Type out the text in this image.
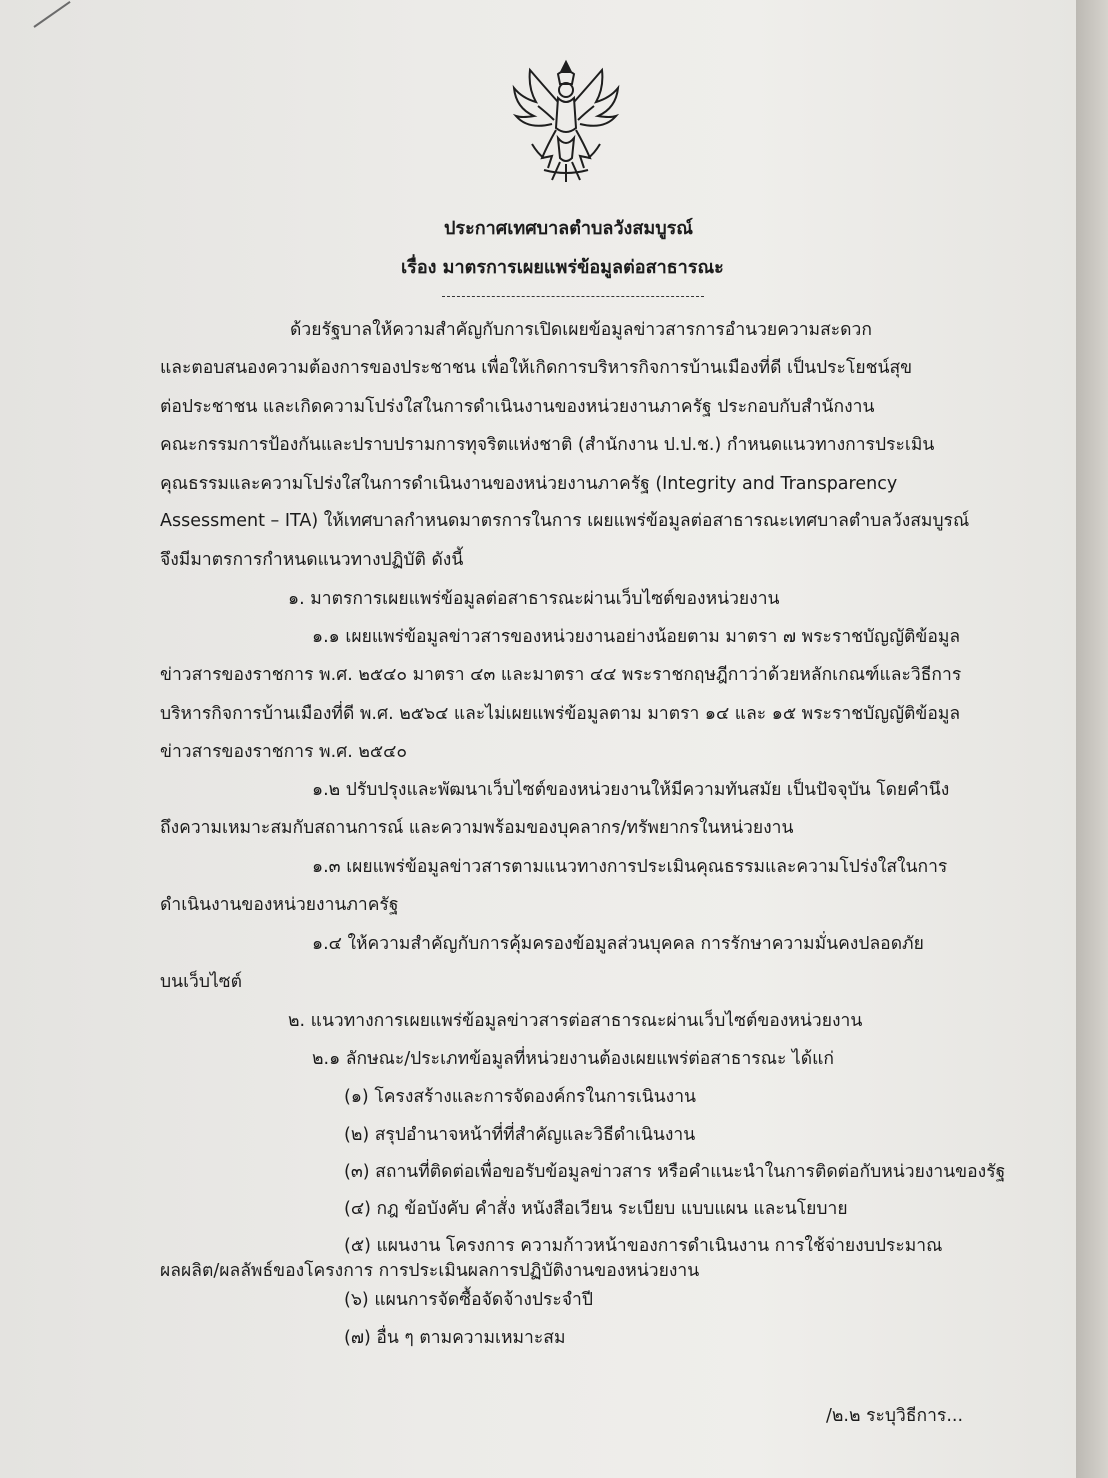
ประกาศเทศบาลตำบลวังสมบูรณ์
เรื่อง มาตรการเผยแพร่ข้อมูลต่อสาธารณะ
ด้วยรัฐบาลให้ความสำคัญกับการเปิดเผยข้อมูลข่าวสารการอำนวยความสะดวก
และตอบสนองความต้องการของประชาชน เพื่อให้เกิดการบริหารกิจการบ้านเมืองที่ดี เป็นประโยชน์สุข
ต่อประชาชน และเกิดความโปร่งใสในการดำเนินงานของหน่วยงานภาครัฐ ประกอบกับสำนักงาน
คณะกรรมการป้องกันและปราบปรามการทุจริตแห่งชาติ (สำนักงาน ป.ป.ช.) กำหนดแนวทางการประเมิน
คุณธรรมและความโปร่งใสในการดำเนินงานของหน่วยงานภาครัฐ (Integrity and Transparency
Assessment – ITA) ให้เทศบาลกำหนดมาตรการในการ เผยแพร่ข้อมูลต่อสาธารณะเทศบาลตำบลวังสมบูรณ์
จึงมีมาตรการกำหนดแนวทางปฏิบัติ ดังนี้
๑. มาตรการเผยแพร่ข้อมูลต่อสาธารณะผ่านเว็บไซต์ของหน่วยงาน
๑.๑ เผยแพร่ข้อมูลข่าวสารของหน่วยงานอย่างน้อยตาม มาตรา ๗ พระราชบัญญัติข้อมูล
ข่าวสารของราชการ พ.ศ. ๒๕๔๐ มาตรา ๔๓ และมาตรา ๔๔ พระราชกฤษฎีกาว่าด้วยหลักเกณฑ์และวิธีการ
บริหารกิจการบ้านเมืองที่ดี พ.ศ. ๒๕๖๔ และไม่เผยแพร่ข้อมูลตาม มาตรา ๑๔ และ ๑๕ พระราชบัญญัติข้อมูล
ข่าวสารของราชการ พ.ศ. ๒๕๔๐
๑.๒ ปรับปรุงและพัฒนาเว็บไซต์ของหน่วยงานให้มีความทันสมัย เป็นปัจจุบัน โดยคำนึง
ถึงความเหมาะสมกับสถานการณ์ และความพร้อมของบุคลากร/ทรัพยากรในหน่วยงาน
๑.๓ เผยแพร่ข้อมูลข่าวสารตามแนวทางการประเมินคุณธรรมและความโปร่งใสในการ
ดำเนินงานของหน่วยงานภาครัฐ
๑.๔ ให้ความสำคัญกับการคุ้มครองข้อมูลส่วนบุคคล การรักษาความมั่นคงปลอดภัย
บนเว็บไซต์
๒. แนวทางการเผยแพร่ข้อมูลข่าวสารต่อสาธารณะผ่านเว็บไซต์ของหน่วยงาน
๒.๑ ลักษณะ/ประเภทข้อมูลที่หน่วยงานต้องเผยแพร่ต่อสาธารณะ ได้แก่
(๑) โครงสร้างและการจัดองค์กรในการเนินงาน
(๒) สรุปอำนาจหน้าที่ที่สำคัญและวิธีดำเนินงาน
(๓) สถานที่ติดต่อเพื่อขอรับข้อมูลข่าวสาร หรือคำแนะนำในการติดต่อกับหน่วยงานของรัฐ
(๔) กฎ ข้อบังคับ คำสั่ง หนังสือเวียน ระเบียบ แบบแผน และนโยบาย
(๕) แผนงาน โครงการ ความก้าวหน้าของการดำเนินงาน การใช้จ่ายงบประมาณ
ผลผลิต/ผลลัพธ์ของโครงการ การประเมินผลการปฏิบัติงานของหน่วยงาน
(๖) แผนการจัดซื้อจัดจ้างประจำปี
(๗) อื่น ๆ ตามความเหมาะสม
/๒.๒ ระบุวิธีการ...
